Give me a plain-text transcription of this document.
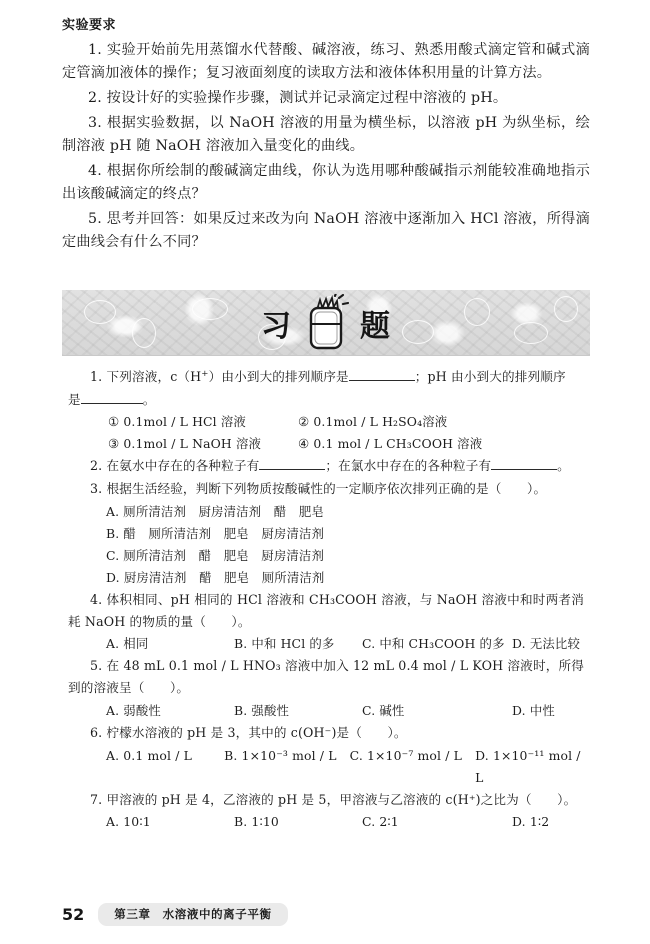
实验要求

1. 实验开始前先用蒸馏水代替酸、碱溶液，练习、熟悉用酸式滴定管和碱式滴定管滴加液体的操作；复习液面刻度的读取方法和液体体积用量的计算方法。

2. 按设计好的实验操作步骤，测试并记录滴定过程中溶液的 pH。

3. 根据实验数据，以 NaOH 溶液的用量为横坐标，以溶液 pH 为纵坐标，绘制溶液 pH 随 NaOH 溶液加入量变化的曲线。

4. 根据你所绘制的酸碱滴定曲线，你认为选用哪种酸碱指示剂能较准确地指示出该酸碱滴定的终点？

5. 思考并回答：如果反过来改为向 NaOH 溶液中逐渐加入 HCl 溶液，所得滴定曲线会有什么不同？

习 题

1. 下列溶液，c（H+）由小到大的排列顺序是	；pH 由小到大的排列顺序

是	。

① 0.1mol / L HCl 溶液	② 0.1mol / L H₂SO₄溶液

③ 0.1mol / L NaOH 溶液	④ 0.1 mol / L CH₃COOH 溶液

2. 在氨水中存在的各种粒子有	；在氯水中存在的各种粒子有	。

3. 根据生活经验，判断下列物质按酸碱性的一定顺序依次排列正确的是（　　）。

A. 厕所清洁剂　厨房清洁剂　醋　肥皂
B. 醋　厕所清洁剂　肥皂　厨房清洁剂
C. 厕所清洁剂　醋　肥皂　厨房清洁剂
D. 厨房清洁剂　醋　肥皂　厕所清洁剂

4. 体积相同、pH 相同的 HCl 溶液和 CH₃COOH 溶液，与 NaOH 溶液中和时两者消耗 NaOH 的物质的量（　　）。

A. 相同	B. 中和 HCl 的多	C. 中和 CH₃COOH 的多 D. 无法比较

5. 在 48 mL 0.1 mol / L HNO₃ 溶液中加入 12 mL 0.4 mol / L KOH 溶液时，所得到的溶液呈（　　）。

A. 弱酸性	B. 强酸性	C. 碱性	D. 中性

6. 柠檬水溶液的 pH 是 3，其中的 c(OH⁻)是（　　）。

A. 0.1 mol / L	B. 1×10⁻³ mol / L	C. 1×10⁻⁷ mol / L	D. 1×10⁻¹¹ mol / L

7. 甲溶液的 pH 是 4，乙溶液的 pH 是 5，甲溶液与乙溶液的 c(H⁺)之比为（　　）。

A. 10∶1	B. 1∶10	C. 2∶1	D. 1∶2

52	第三章　水溶液中的离子平衡
